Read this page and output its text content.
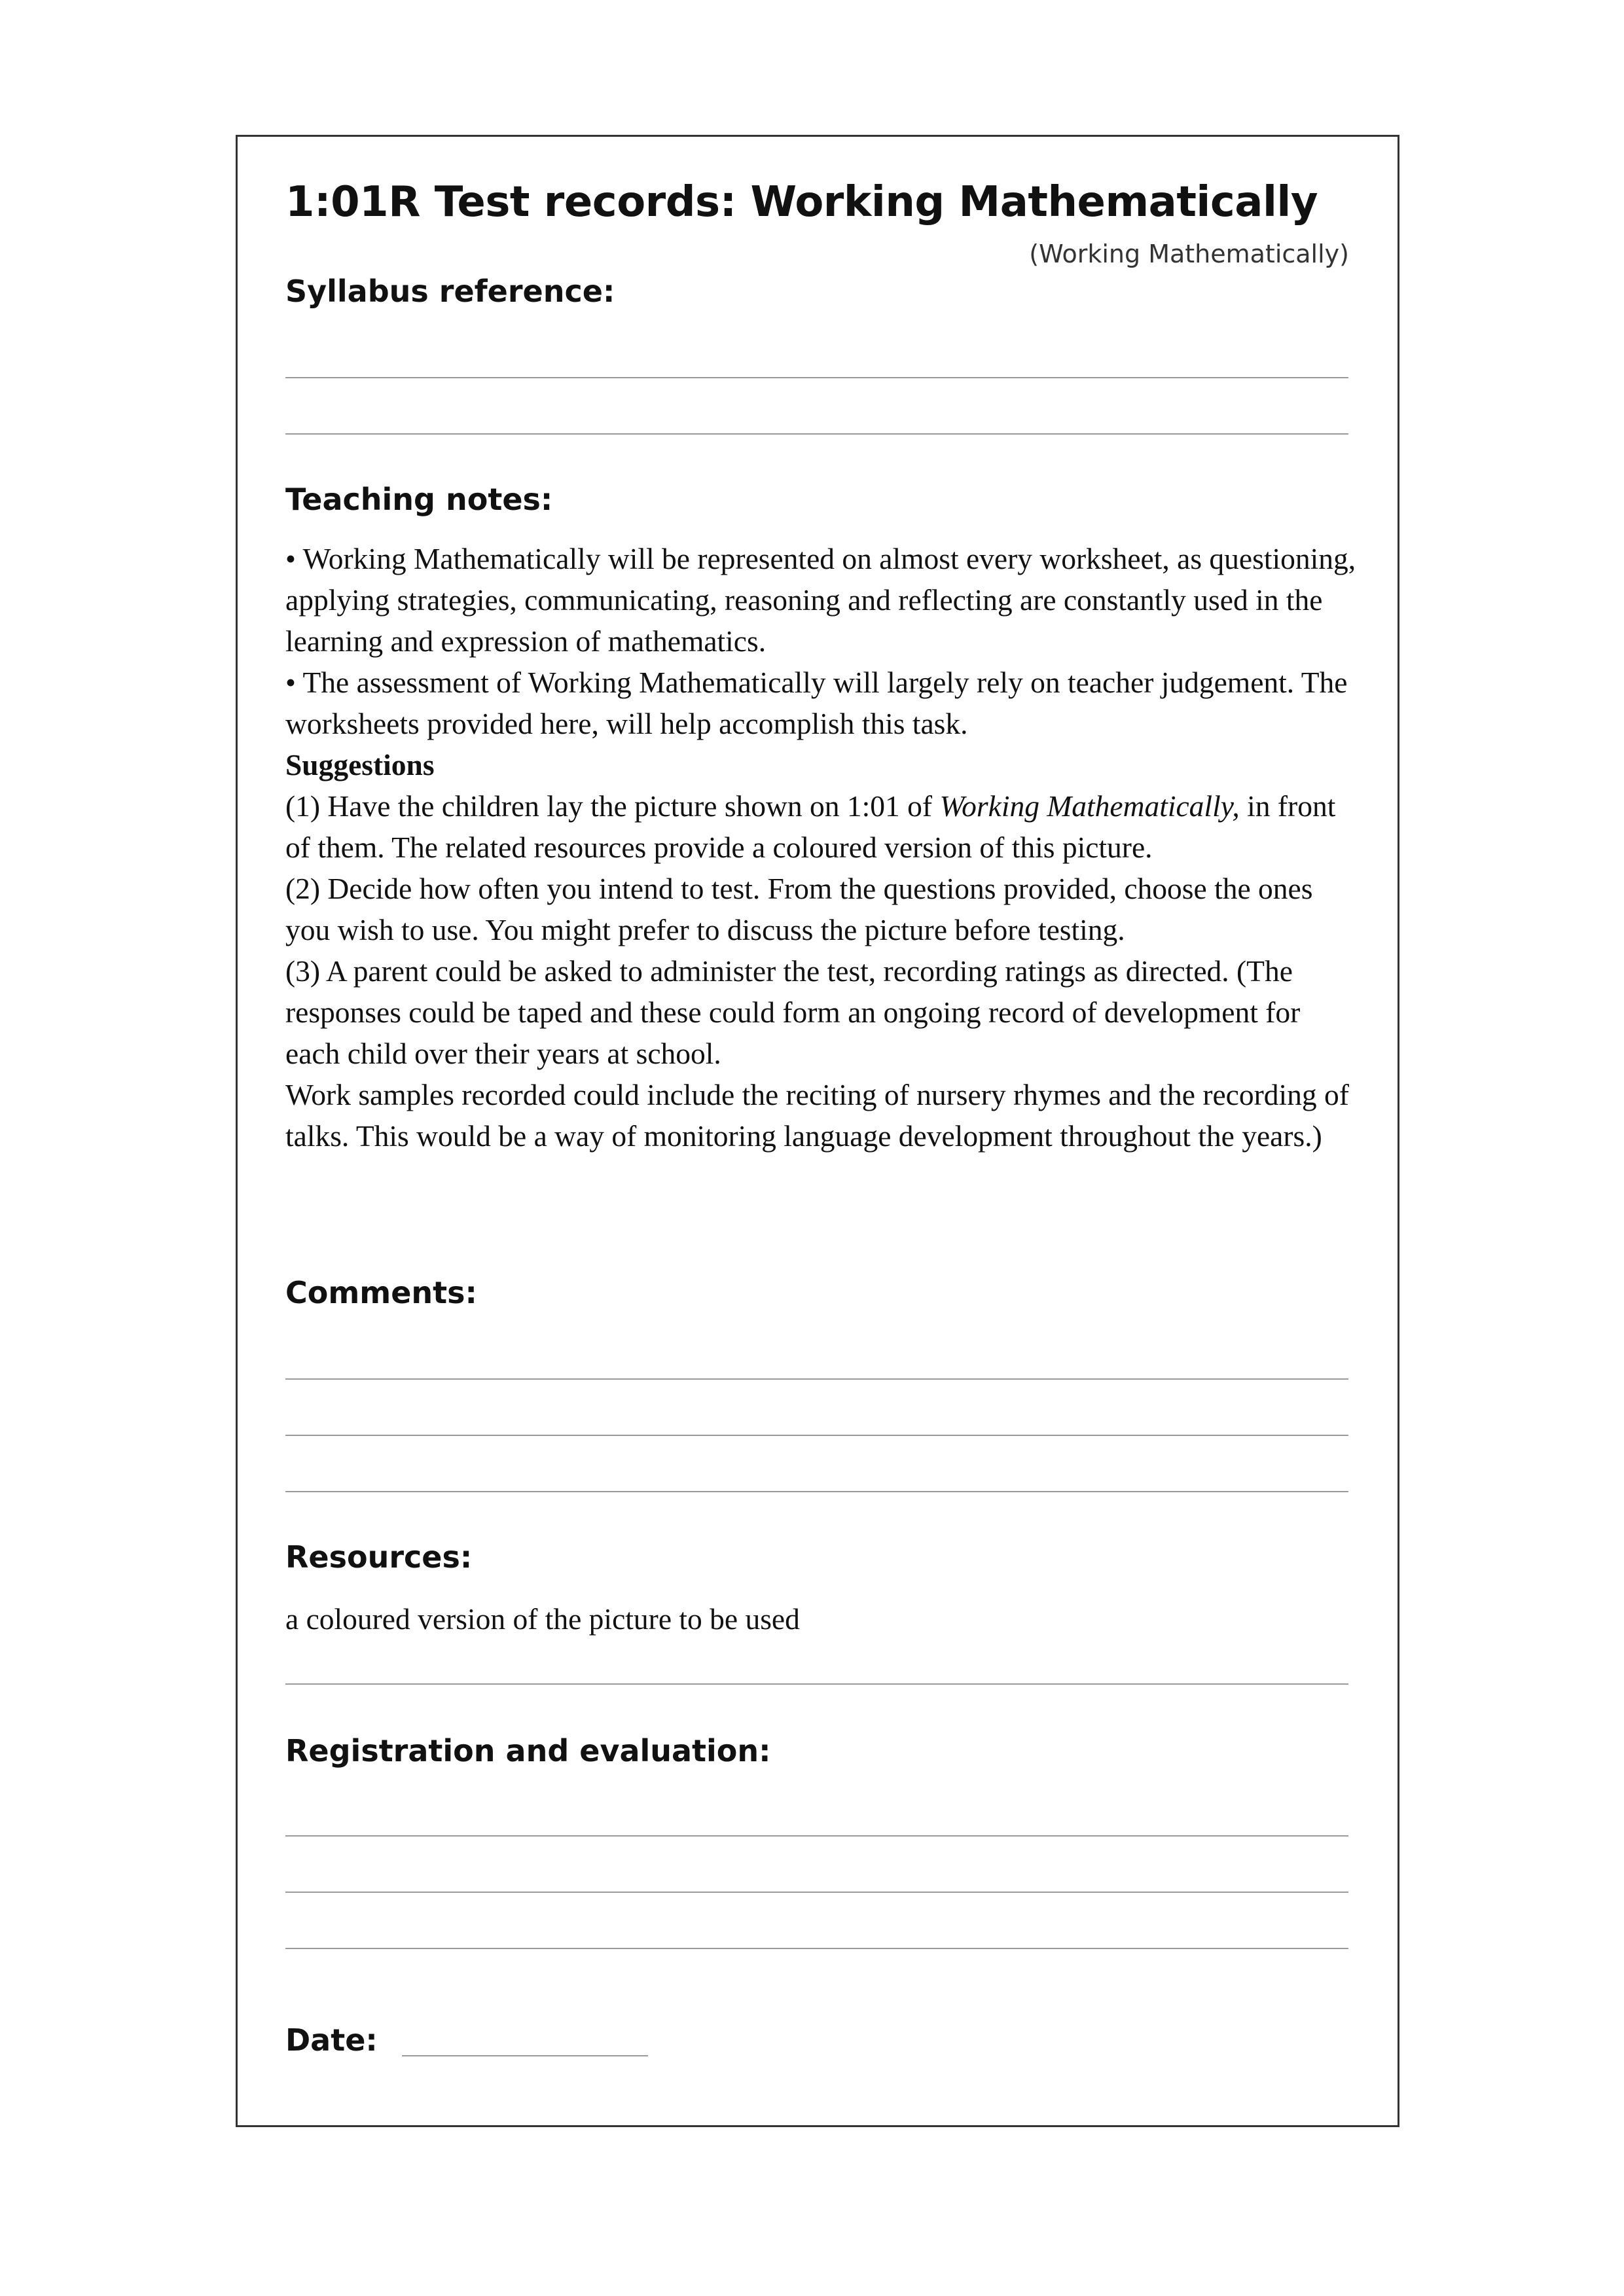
1:01R Test records: Working Mathematically
(Working Mathematically)
Syllabus reference:
Teaching notes:

• Working Mathematically will be represented on almost every worksheet, as questioning, applying strategies, communicating, reasoning and reflecting are constantly used in the learning and expression of mathematics.

• The assessment of Working Mathematically will largely rely on teacher judgement. The worksheets provided here, will help accomplish this task.

Suggestions

(1) Have the children lay the picture shown on 1:01 of Working Mathematically, in front of them. The related resources provide a coloured version of this picture.

(2) Decide how often you intend to test. From the questions provided, choose the ones you wish to use. You might prefer to discuss the picture before testing.

(3) A parent could be asked to administer the test, recording ratings as directed. (The responses could be taped and these could form an ongoing record of development for each child over their years at school.

Work samples recorded could include the reciting of nursery rhymes and the recording of talks. This would be a way of monitoring language development throughout the years.)

Comments:
Resources:
a coloured version of the picture to be used
Registration and evaluation:
Date:
